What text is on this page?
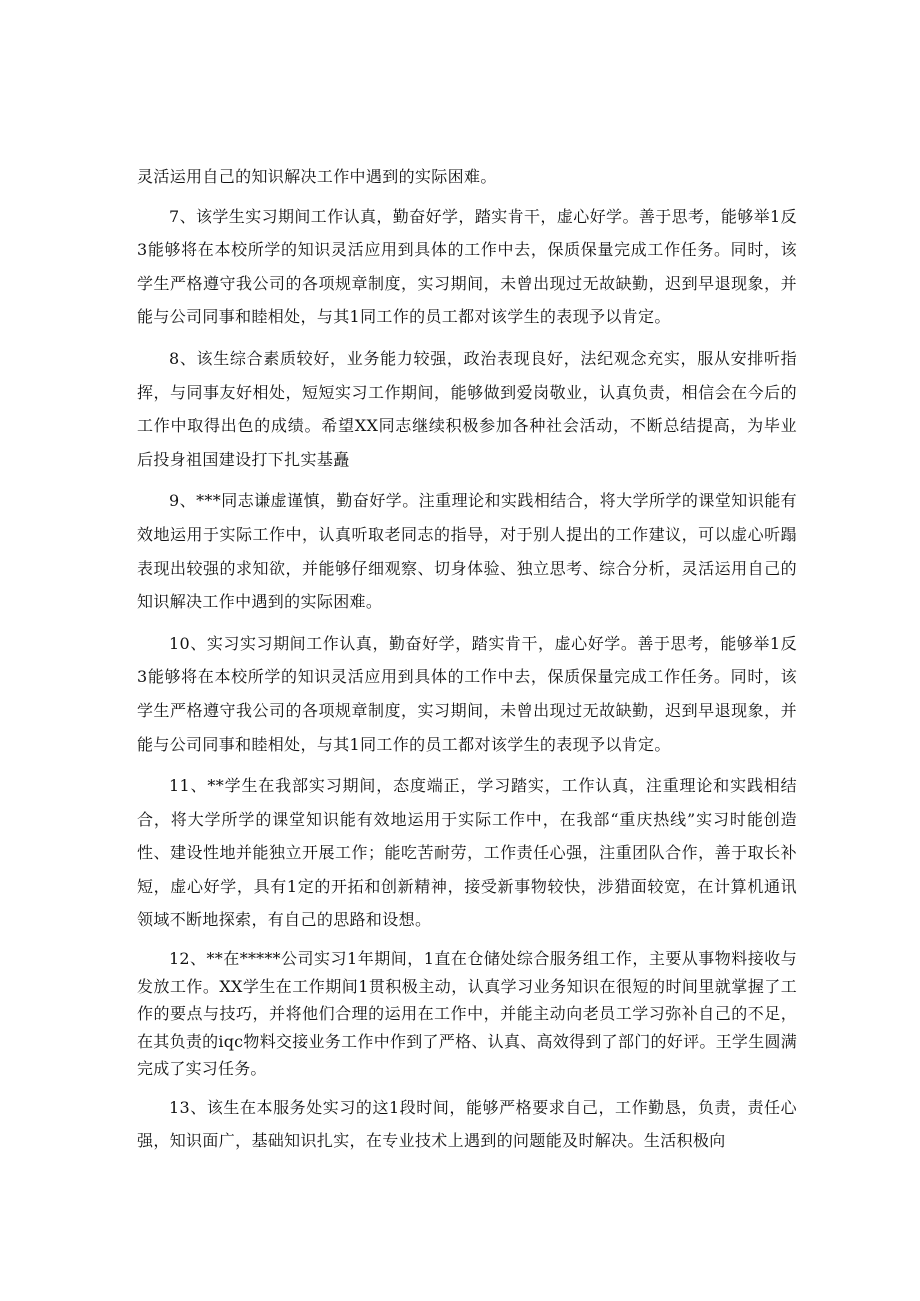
灵活运用自己的知识解决工作中遇到的实际困难。

7、该学生实习期间工作认真，勤奋好学，踏实肯干，虚心好学。善于思考，能够举1反3能够将在本校所学的知识灵活应用到具体的工作中去，保质保量完成工作任务。同时，该学生严格遵守我公司的各项规章制度，实习期间，未曾出现过无故缺勤，迟到早退现象，并能与公司同事和睦相处，与其1同工作的员工都对该学生的表现予以肯定。

8、该生综合素质较好，业务能力较强，政治表现良好，法纪观念充实，服从安排听指挥，与同事友好相处，短短实习工作期间，能够做到爱岗敬业，认真负责，相信会在今后的工作中取得出色的成绩。希望XX同志继续积极参加各种社会活动，不断总结提高，为毕业后投身祖国建设打下扎实基矗

9、***同志谦虚谨慎，勤奋好学。注重理论和实践相结合，将大学所学的课堂知识能有效地运用于实际工作中，认真听取老同志的指导，对于别人提出的工作建议，可以虚心听蹋表现出较强的求知欲，并能够仔细观察、切身体验、独立思考、综合分析，灵活运用自己的知识解决工作中遇到的实际困难。

10、实习实习期间工作认真，勤奋好学，踏实肯干，虚心好学。善于思考，能够举1反3能够将在本校所学的知识灵活应用到具体的工作中去，保质保量完成工作任务。同时，该学生严格遵守我公司的各项规章制度，实习期间，未曾出现过无故缺勤，迟到早退现象，并能与公司同事和睦相处，与其1同工作的员工都对该学生的表现予以肯定。

11、**学生在我部实习期间，态度端正，学习踏实，工作认真，注重理论和实践相结合，将大学所学的课堂知识能有效地运用于实际工作中，在我部“重庆热线”实习时能创造性、建设性地并能独立开展工作；能吃苦耐劳，工作责任心强，注重团队合作，善于取长补短，虚心好学，具有1定的开拓和创新精神，接受新事物较快，涉猎面较宽，在计算机通讯领域不断地探索，有自己的思路和设想。

12、**在*****公司实习1年期间，1直在仓储处综合服务组工作，主要从事物料接收与发放工作。XX学生在工作期间1贯积极主动，认真学习业务知识在很短的时间里就掌握了工作的要点与技巧，并将他们合理的运用在工作中，并能主动向老员工学习弥补自己的不足，在其负责的iqc物料交接业务工作中作到了严格、认真、高效得到了部门的好评。王学生圆满完成了实习任务。

13、该生在本服务处实习的这1段时间，能够严格要求自己，工作勤恳，负责，责任心强，知识面广，基础知识扎实，在专业技术上遇到的问题能及时解决。生活积极向
